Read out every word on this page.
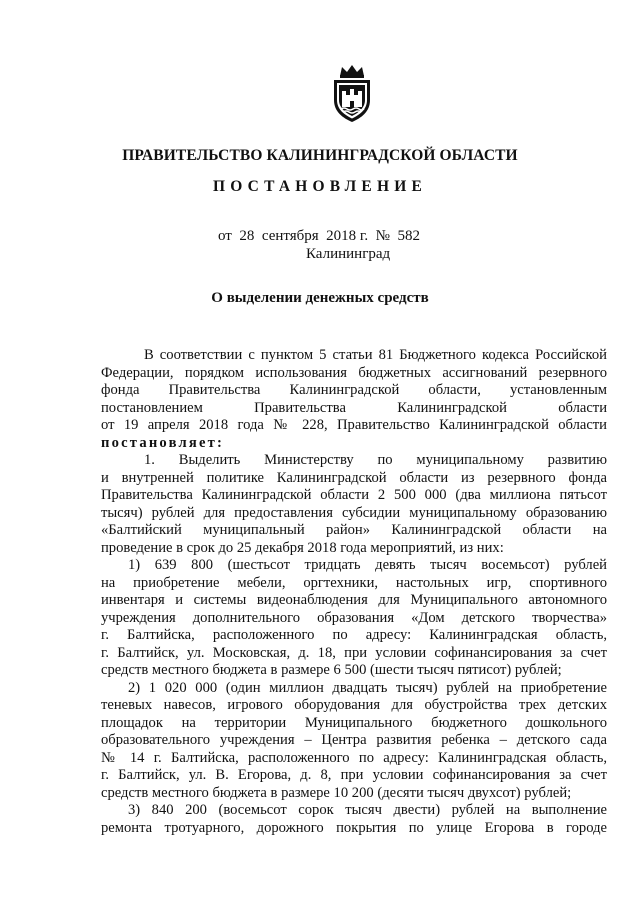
ПРАВИТЕЛЬСТВО КАЛИНИНГРАДСКОЙ ОБЛАСТИ
ПОСТАНОВЛЕНИЕ
от  28  сентября  2018 г.  №  582
Калининград
О выделении денежных средств

В соответствии с пунктом 5 статьи 81 Бюджетного кодекса Российской

Федерации, порядком использования бюджетных ассигнований резервного

фонда Правительства Калининградской области, установленным

постановлением Правительства Калининградской области

от 19 апреля 2018 года № 228, Правительство Калининградской области

постановляет:

1. Выделить Министерству по муниципальному развитию

и внутренней политике Калининградской области из резервного фонда

Правительства Калининградской области 2 500 000 (два миллиона пятьсот

тысяч) рублей для предоставления субсидии муниципальному образованию

«Балтийский муниципальный район» Калининградской области на

проведение в срок до 25 декабря 2018 года мероприятий, из них:

1) 639 800 (шестьсот тридцать девять тысяч восемьсот) рублей

на приобретение мебели, оргтехники, настольных игр, спортивного

инвентаря и системы видеонаблюдения для Муниципального автономного

учреждения дополнительного образования «Дом детского творчества»

г. Балтийска, расположенного по адресу: Калининградская область,

г. Балтийск, ул. Московская, д. 18, при условии софинансирования за счет

средств местного бюджета в размере 6 500 (шести тысяч пятисот) рублей;

2) 1 020 000 (один миллион двадцать тысяч) рублей на приобретение

теневых навесов, игрового оборудования для обустройства трех детских

площадок на территории Муниципального бюджетного дошкольного

образовательного учреждения – Центра развития ребенка – детского сада

№ 14 г. Балтийска, расположенного по адресу: Калининградская область,

г. Балтийск, ул. В. Егорова, д. 8, при условии софинансирования за счет

средств местного бюджета в размере 10 200 (десяти тысяч двухсот) рублей;

3) 840 200 (восемьсот сорок тысяч двести) рублей на выполнение

ремонта тротуарного, дорожного покрытия по улице Егорова в городе
